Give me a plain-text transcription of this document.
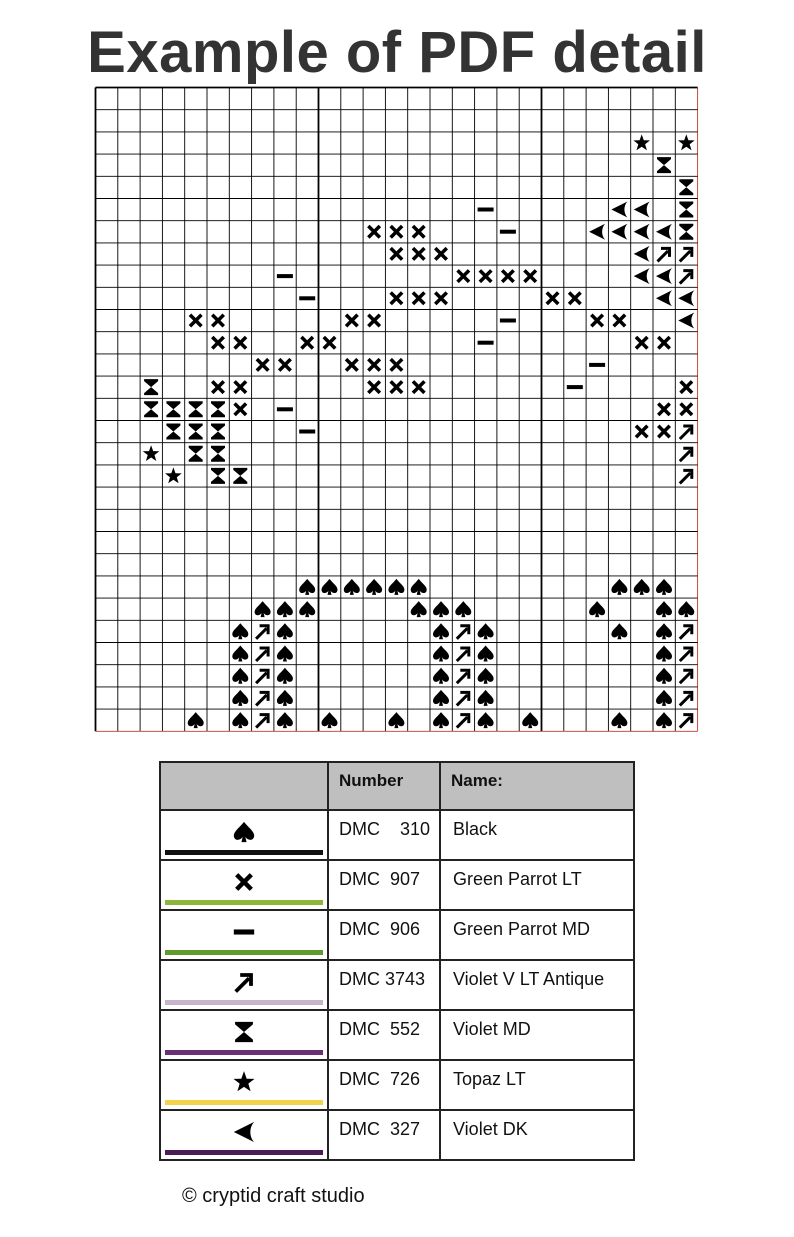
Example of PDF detail
	Number	Name:

	DMC    310	Black

	DMC  907	Green Parrot LT

	DMC  906	Green Parrot MD

	DMC 3743	Violet V LT Antique

	DMC  552	Violet MD

	DMC  726	Topaz LT

	DMC  327	Violet DK
© cryptid craft studio
